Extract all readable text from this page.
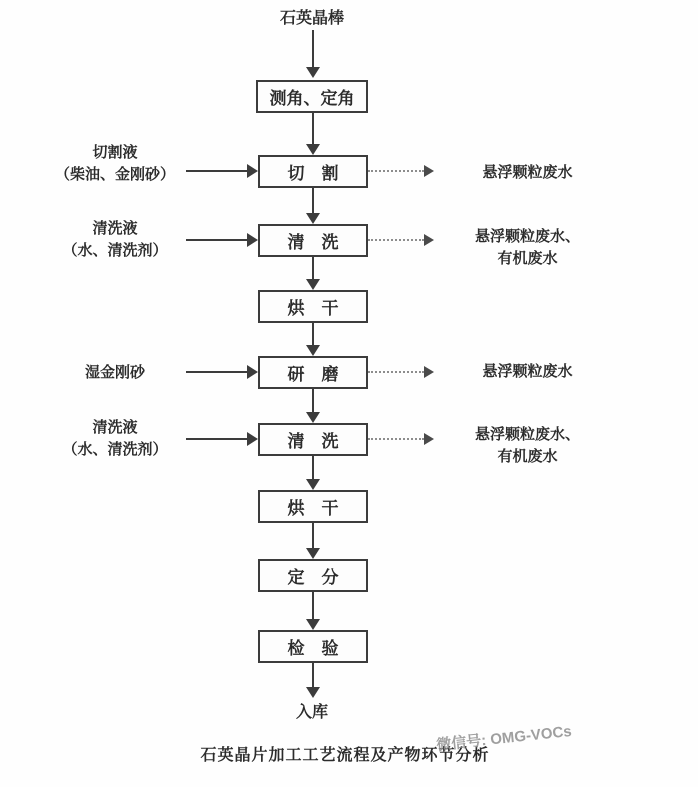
石英晶棒
测角、定角
切　割
清　洗
烘　干
研　磨
清　洗
烘　干
定　分
检　验
切割液
（柴油、金刚砂）
清洗液
（水、清洗剂）
湿金刚砂
清洗液
（水、清洗剂）
悬浮颗粒废水
悬浮颗粒废水、
有机废水
悬浮颗粒废水
悬浮颗粒废水、
有机废水
入库
石英晶片加工工艺流程及产物环节分析
微信号: OMG-VOCs
